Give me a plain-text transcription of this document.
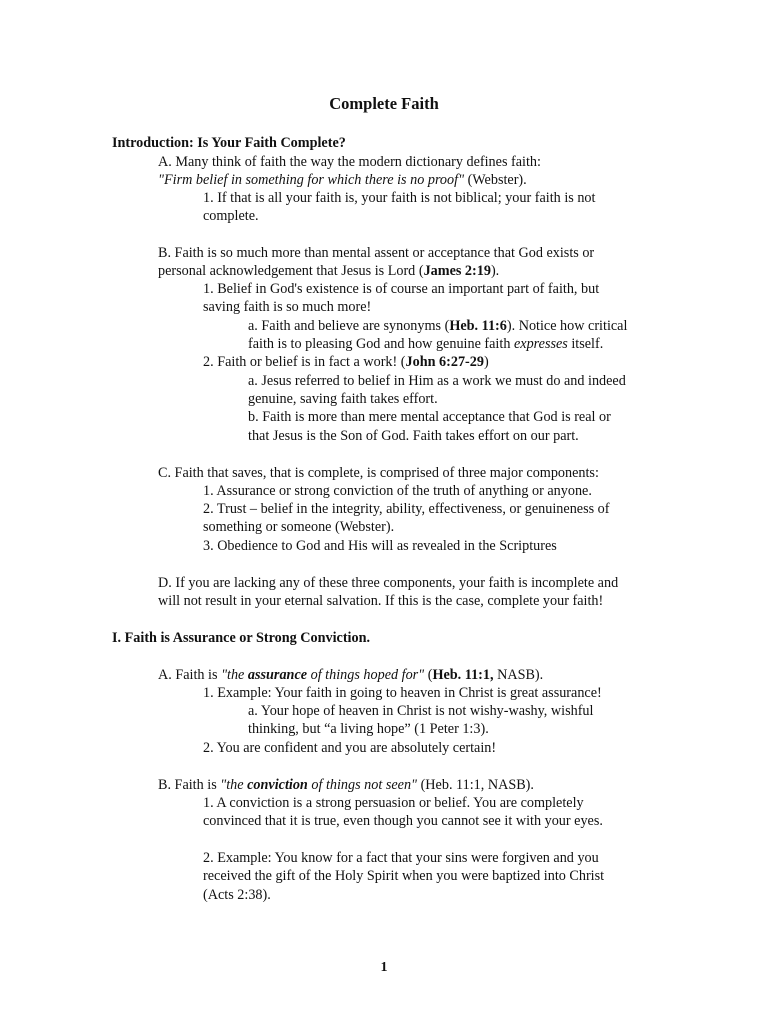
Complete Faith
Introduction: Is Your Faith Complete?
A. Many think of faith the way the modern dictionary defines faith:
"Firm belief in something for which there is no proof" (Webster).
1. If that is all your faith is, your faith is not biblical; your faith is not
complete.
B. Faith is so much more than mental assent or acceptance that God exists or
personal acknowledgement that Jesus is Lord (James 2:19).
1. Belief in God's existence is of course an important part of faith, but
saving faith is so much more!
a. Faith and believe are synonyms (Heb. 11:6). Notice how critical
faith is to pleasing God and how genuine faith expresses itself.
2. Faith or belief is in fact a work! (John 6:27-29)
a. Jesus referred to belief in Him as a work we must do and indeed
genuine, saving faith takes effort.
b. Faith is more than mere mental acceptance that God is real or
that Jesus is the Son of God. Faith takes effort on our part.
C. Faith that saves, that is complete, is comprised of three major components:
1. Assurance or strong conviction of the truth of anything or anyone.
2. Trust – belief in the integrity, ability, effectiveness, or genuineness of
something or someone (Webster).
3. Obedience to God and His will as revealed in the Scriptures
D. If you are lacking any of these three components, your faith is incomplete and
will not result in your eternal salvation. If this is the case, complete your faith!
I. Faith is Assurance or Strong Conviction.
A. Faith is "the assurance of things hoped for" (Heb. 11:1, NASB).
1. Example: Your faith in going to heaven in Christ is great assurance!
a. Your hope of heaven in Christ is not wishy-washy, wishful
thinking, but “a living hope” (1 Peter 1:3).
2. You are confident and you are absolutely certain!
B. Faith is "the conviction of things not seen" (Heb. 11:1, NASB).
1. A conviction is a strong persuasion or belief. You are completely
convinced that it is true, even though you cannot see it with your eyes.
2. Example: You know for a fact that your sins were forgiven and you
received the gift of the Holy Spirit when you were baptized into Christ
(Acts 2:38).
1
